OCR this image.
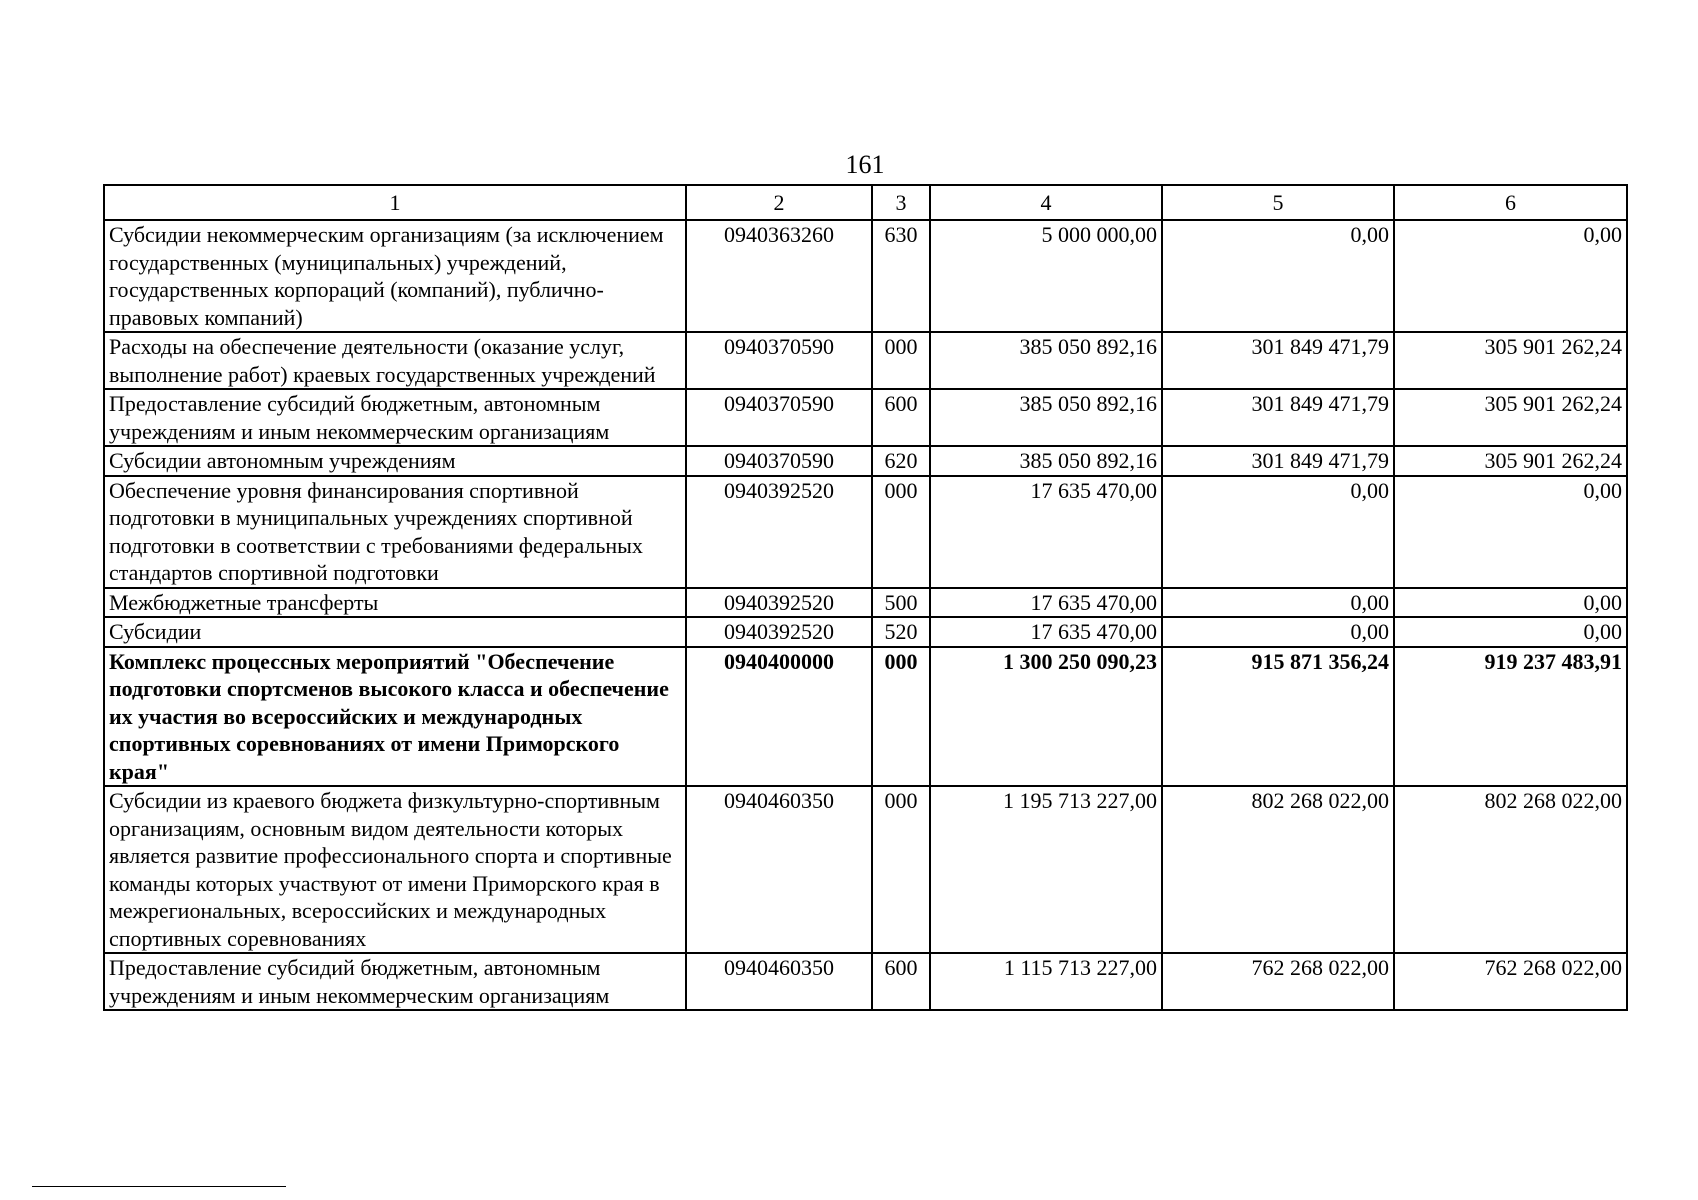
161
1	2	3	4	5	6
Субсидии некоммерческим организациям (за исключением государственных (муниципальных) учреждений, государственных корпораций (компаний), публично-правовых компаний)	0940363260	630	5 000 000,00	0,00	0,00
Расходы на обеспечение деятельности (оказание услуг, выполнение работ) краевых государственных учреждений	0940370590	000	385 050 892,16	301 849 471,79	305 901 262,24
Предоставление субсидий бюджетным, автономным учреждениям и иным некоммерческим организациям	0940370590	600	385 050 892,16	301 849 471,79	305 901 262,24
Субсидии автономным учреждениям	0940370590	620	385 050 892,16	301 849 471,79	305 901 262,24
Обеспечение уровня финансирования спортивной подготовки в муниципальных учреждениях спортивной подготовки в соответствии с требованиями федеральных стандартов спортивной подготовки	0940392520	000	17 635 470,00	0,00	0,00
Межбюджетные трансферты	0940392520	500	17 635 470,00	0,00	0,00
Субсидии	0940392520	520	17 635 470,00	0,00	0,00
Комплекс процессных мероприятий "Обеспечение подготовки спортсменов высокого класса и обеспечение их участия во всероссийских и международных спортивных соревнованиях от имени Приморского края"	0940400000	000	1 300 250 090,23	915 871 356,24	919 237 483,91
Субсидии из краевого бюджета физкультурно-спортивным организациям, основным видом деятельности которых является развитие профессионального спорта и спортивные команды которых участвуют от имени Приморского края в межрегиональных, всероссийских и международных спортивных соревнованиях	0940460350	000	1 195 713 227,00	802 268 022,00	802 268 022,00
Предоставление субсидий бюджетным, автономным учреждениям и иным некоммерческим организациям	0940460350	600	1 115 713 227,00	762 268 022,00	762 268 022,00
